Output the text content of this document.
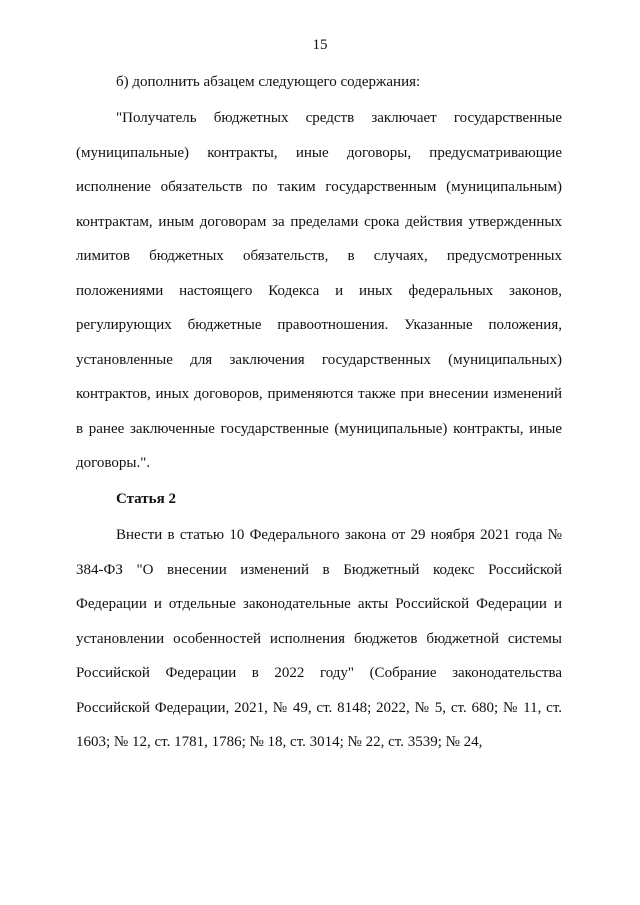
15

б) дополнить абзацем следующего содержания:

"Получатель бюджетных средств заключает государственные (муниципальные) контракты, иные договоры, предусматривающие исполнение обязательств по таким государственным (муниципальным) контрактам, иным договорам за пределами срока действия утвержденных лимитов бюджетных обязательств, в случаях, предусмотренных положениями настоящего Кодекса и иных федеральных законов, регулирующих бюджетные правоотношения. Указанные положения, установленные для заключения государственных (муниципальных) контрактов, иных договоров, применяются также при внесении изменений в ранее заключенные государственные (муниципальные) контракты, иные договоры.".

Статья 2

Внести в статью 10 Федерального закона от 29 ноября 2021 года № 384-ФЗ "О внесении изменений в Бюджетный кодекс Российской Федерации и отдельные законодательные акты Российской Федерации и установлении особенностей исполнения бюджетов бюджетной системы Российской Федерации в 2022 году" (Собрание законодательства Российской Федерации, 2021, № 49, ст. 8148; 2022, № 5, ст. 680; № 11, ст. 1603; № 12, ст. 1781, 1786; № 18, ст. 3014; № 22, ст. 3539; № 24,
